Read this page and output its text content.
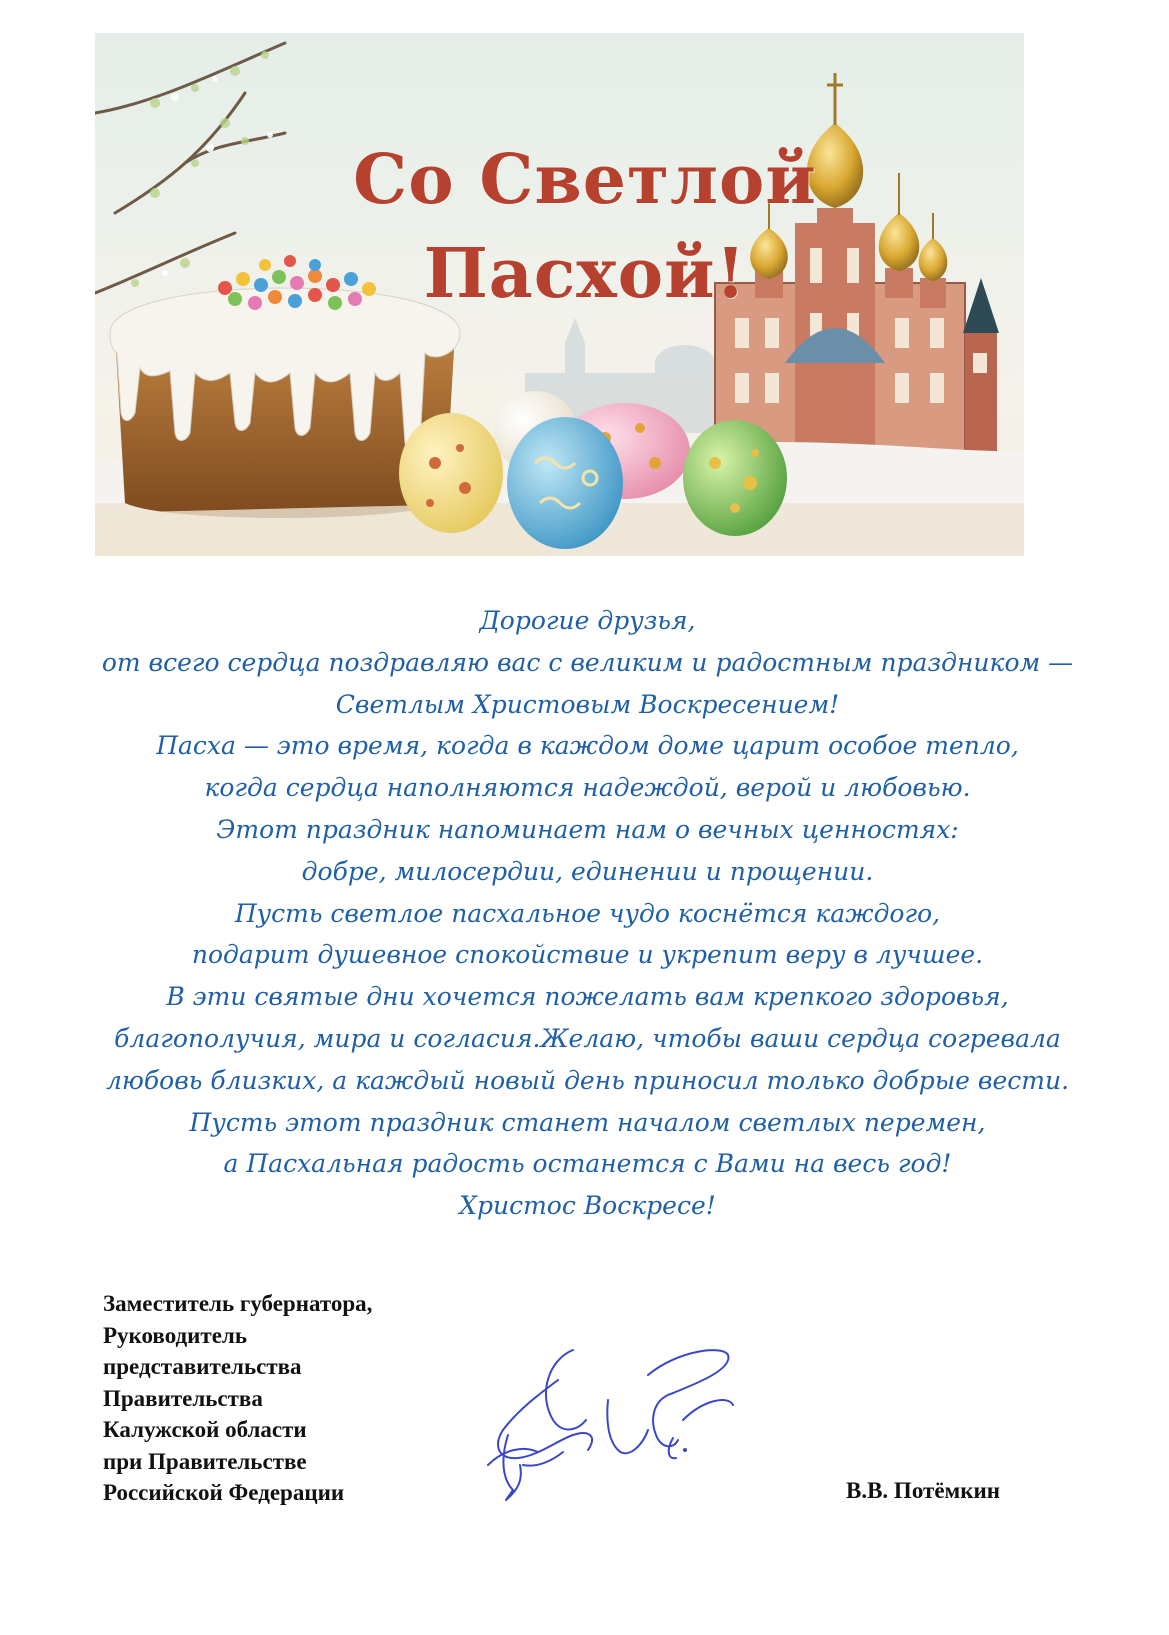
Со Светлой
Пасхой!
Дорогие друзья,
от всего сердца поздравляю вас с великим и радостным праздником —
Светлым Христовым Воскресением!
Пасха — это время, когда в каждом доме царит особое тепло,
когда сердца наполняются надеждой, верой и любовью.
Этот праздник напоминает нам о вечных ценностях:
добре, милосердии, единении и прощении.
Пусть светлое пасхальное чудо коснётся каждого,
подарит душевное спокойствие и укрепит веру в лучшее.
В эти святые дни хочется пожелать вам крепкого здоровья,
благополучия, мира и согласия.Желаю, чтобы ваши сердца согревала
любовь близких, а каждый новый день приносил только добрые вести.
Пусть этот праздник станет началом светлых перемен,
а Пасхальная радость останется с Вами на весь год!
Христос Воскресе!
Заместитель губернатора,
Руководитель
представительства
Правительства
Калужской области
при Правительстве
Российской Федерации	В.В. Потёмкин
